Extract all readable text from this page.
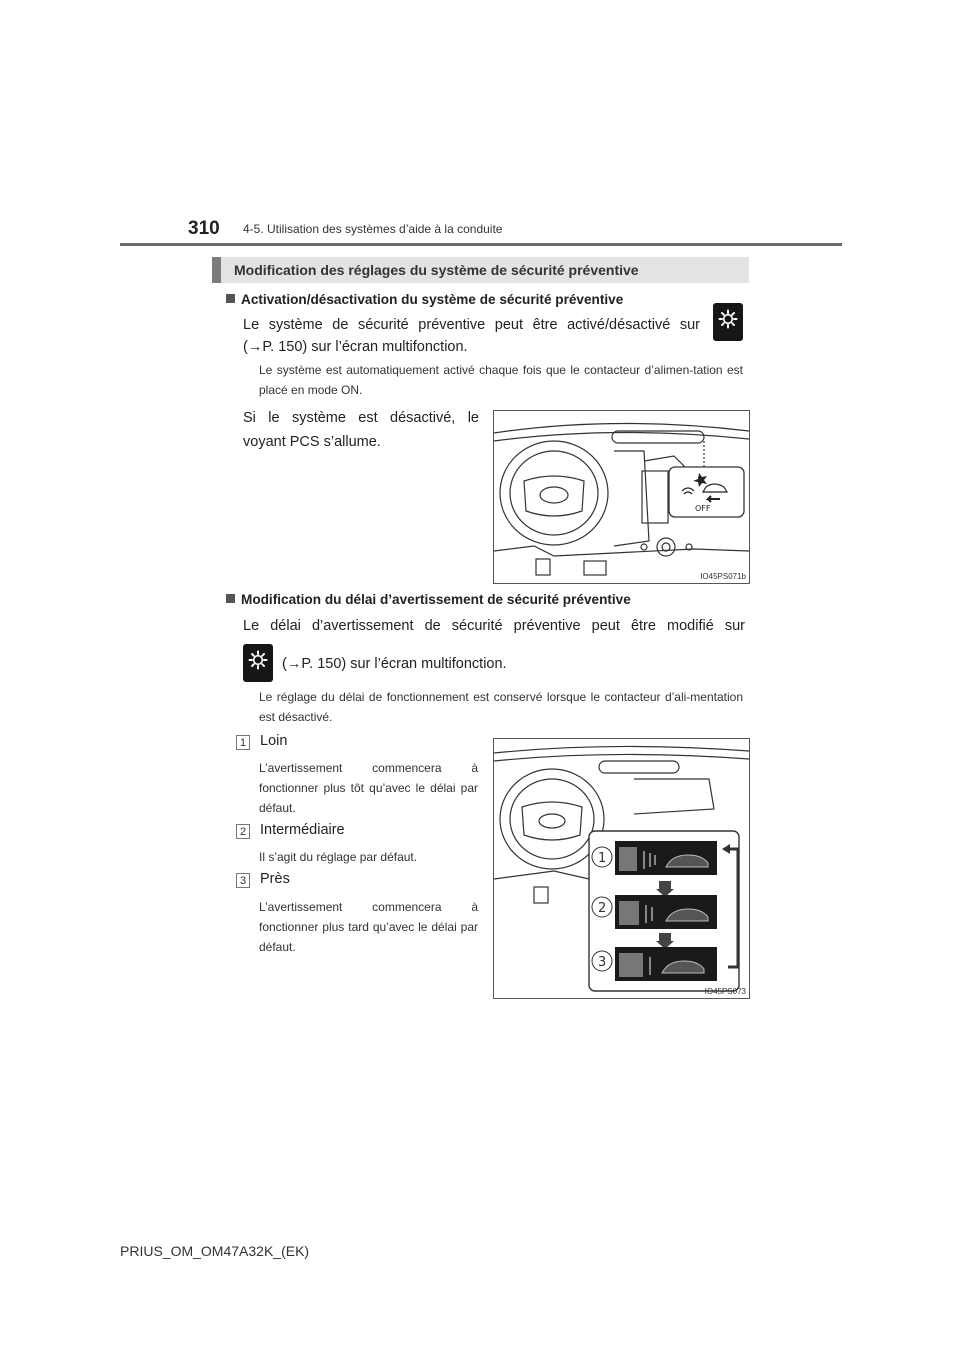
310 4-5. Utilisation des systèmes d’aide à la conduite
Modification des réglages du système de sécurité préventive
Activation/désactivation du système de sécurité préventive
Le système de sécurité préventive peut être activé/désactivé sur
(→P. 150) sur l’écran multifonction.
Le système est automatiquement activé chaque fois que le contacteur d’alimen-tation est placé en mode ON.
Si le système est désactivé, le voyant PCS s’allume.
OFF
IO45PS071b
Modification du délai d’avertissement de sécurité préventive
Le délai d’avertissement de sécurité préventive peut être modifié sur
(→P. 150) sur l’écran multifonction.
Le réglage du délai de fonctionnement est conservé lorsque le contacteur d’ali-mentation est désactivé.
1 Loin
L’avertissement commencera à fonctionner plus tôt qu’avec le délai par défaut.
2 Intermédiaire
Il s’agit du réglage par défaut.
3 Près
L’avertissement commencera à fonctionner plus tard qu’avec le délai par défaut.
1
2
3
IO45PS073
PRIUS_OM_OM47A32K_(EK)
